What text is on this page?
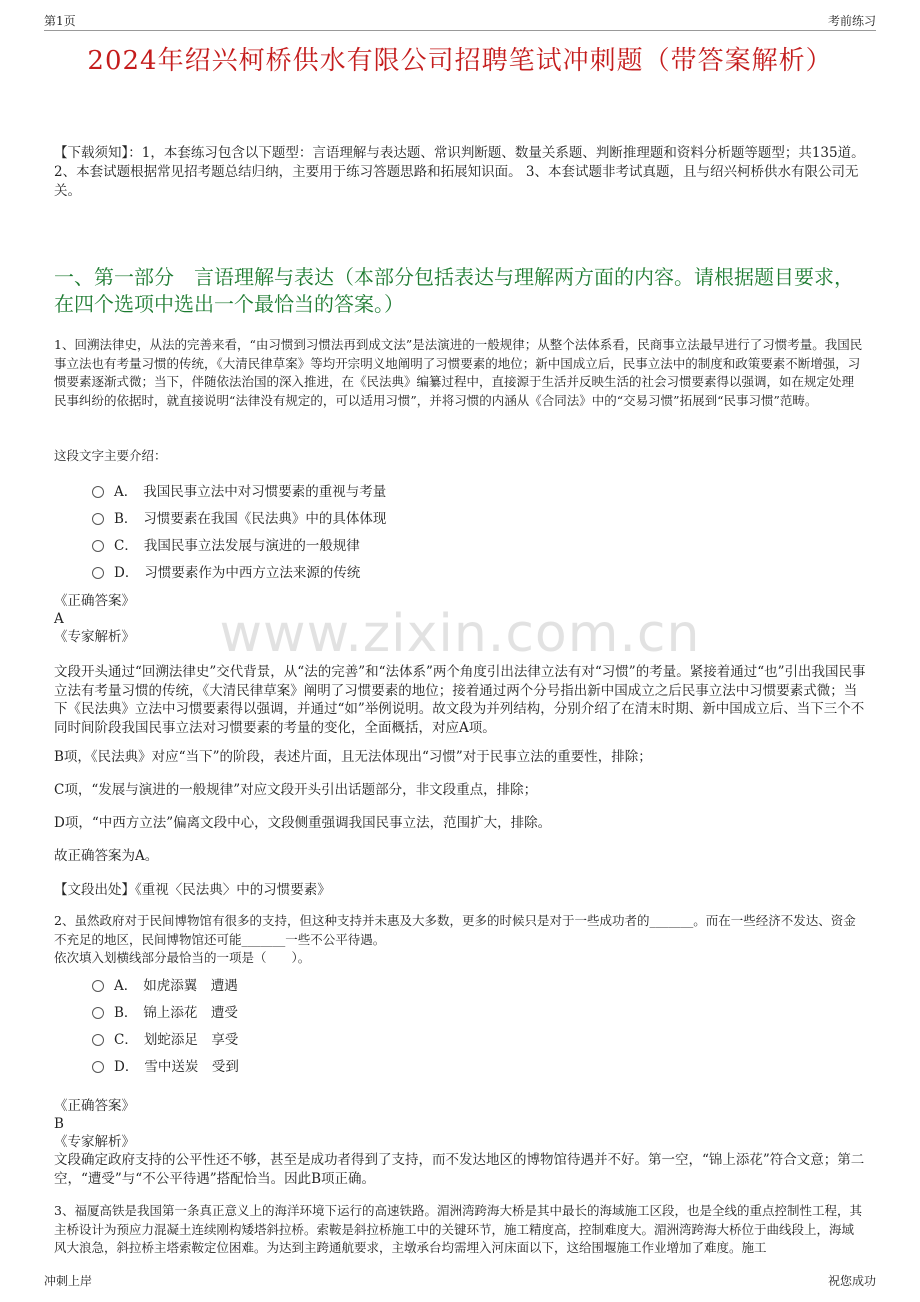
第1页	考前练习
2024年绍兴柯桥供水有限公司招聘笔试冲刺题（带答案解析）
【下载须知】：1，本套练习包含以下题型：言语理解与表达题、常识判断题、数量关系题、判断推理题和资料分析题等题型；共135道。 2、本套试题根据常见招考题总结归纳，主要用于练习答题思路和拓展知识面。 3、本套试题非考试真题，且与绍兴柯桥供水有限公司无关。
一、第一部分　言语理解与表达（本部分包括表达与理解两方面的内容。请根据题目要求，在四个选项中选出一个最恰当的答案。）
www.zixin.com.cn
1、回溯法律史，从法的完善来看，“由习惯到习惯法再到成文法”是法演进的一般规律；从整个法体系看，民商事立法最早进行了习惯考量。我国民事立法也有考量习惯的传统，《大清民律草案》等均开宗明义地阐明了习惯要素的地位；新中国成立后，民事立法中的制度和政策要素不断增强，习惯要素逐渐式微；当下，伴随依法治国的深入推进，在《民法典》编纂过程中，直接源于生活并反映生活的社会习惯要素得以强调，如在规定处理民事纠纷的依据时，就直接说明“法律没有规定的，可以适用习惯”，并将习惯的内涵从《合同法》中的“交易习惯”拓展到“民事习惯”范畴。
这段文字主要介绍：
A． 我国民事立法中对习惯要素的重视与考量
B． 习惯要素在我国《民法典》中的具体体现
C． 我国民事立法发展与演进的一般规律
D． 习惯要素作为中西方立法来源的传统
《正确答案》
A
《专家解析》
文段开头通过“回溯法律史”交代背景，从“法的完善”和“法体系”两个角度引出法律立法有对“习惯”的考量。紧接着通过“也”引出我国民事立法有考量习惯的传统，《大清民律草案》阐明了习惯要素的地位；接着通过两个分号指出新中国成立之后民事立法中习惯要素式微；当下《民法典》立法中习惯要素得以强调，并通过“如”举例说明。故文段为并列结构，分别介绍了在清末时期、新中国成立后、当下三个不同时间阶段我国民事立法对习惯要素的考量的变化，全面概括，对应A项。
B项，《民法典》对应“当下”的阶段，表述片面，且无法体现出“习惯”对于民事立法的重要性，排除；
C项，“发展与演进的一般规律”对应文段开头引出话题部分，非文段重点，排除；
D项，“中西方立法”偏离文段中心，文段侧重强调我国民事立法，范围扩大，排除。
故正确答案为A。
【文段出处】《重视〈民法典〉中的习惯要素》
2、虽然政府对于民间博物馆有很多的支持，但这种支持并未惠及大多数，更多的时候只是对于一些成功者的_______。而在一些经济不发达、资金不充足的地区，民间博物馆还可能_______一些不公平待遇。
依次填入划横线部分最恰当的一项是（　　）。
A． 如虎添翼　遭遇
B． 锦上添花　遭受
C． 划蛇添足　享受
D． 雪中送炭　受到
《正确答案》
B
《专家解析》
文段确定政府支持的公平性还不够，甚至是成功者得到了支持，而不发达地区的博物馆待遇并不好。第一空，“锦上添花”符合文意；第二空，“遭受”与“不公平待遇”搭配恰当。因此B项正确。
3、福厦高铁是我国第一条真正意义上的海洋环境下运行的高速铁路。湄洲湾跨海大桥是其中最长的海域施工区段，也是全线的重点控制性工程，其主桥设计为预应力混凝土连续刚构矮塔斜拉桥。索鞍是斜拉桥施工中的关键环节，施工精度高，控制难度大。湄洲湾跨海大桥位于曲线段上，海域风大浪急，斜拉桥主塔索鞍定位困难。为达到主跨通航要求，主墩承台均需埋入河床面以下，这给围堰施工作业增加了难度。施工
冲刺上岸	祝您成功
